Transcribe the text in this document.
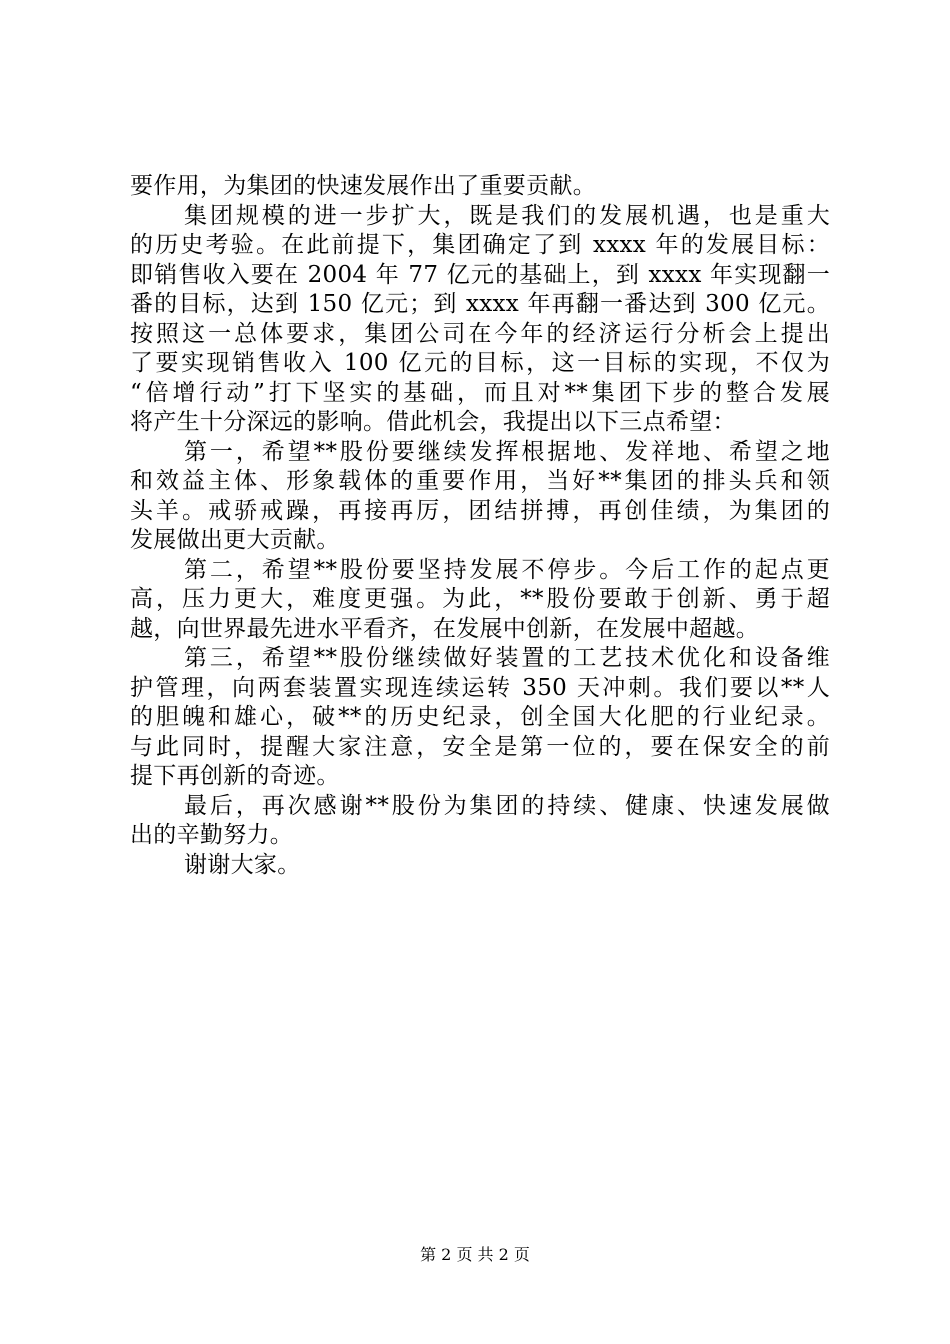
要作用，为集团的快速发展作出了重要贡献。
集团规模的进一步扩大，既是我们的发展机遇，也是重大
的历史考验。在此前提下，集团确定了到 xxxx 年的发展目标：
即销售收入要在 2004 年 77 亿元的基础上，到 xxxx 年实现翻一
番的目标，达到 150 亿元；到 xxxx 年再翻一番达到 300 亿元。
按照这一总体要求，集团公司在今年的经济运行分析会上提出
了要实现销售收入 100 亿元的目标，这一目标的实现，不仅为
“倍增行动”打下坚实的基础，而且对**集团下步的整合发展
将产生十分深远的影响。借此机会，我提出以下三点希望：
第一，希望**股份要继续发挥根据地、发祥地、希望之地
和效益主体、形象载体的重要作用，当好**集团的排头兵和领
头羊。戒骄戒躁，再接再厉，团结拼搏，再创佳绩，为集团的
发展做出更大贡献。
第二，希望**股份要坚持发展不停步。今后工作的起点更
高，压力更大，难度更强。为此，**股份要敢于创新、勇于超
越，向世界最先进水平看齐，在发展中创新，在发展中超越。
第三，希望**股份继续做好装置的工艺技术优化和设备维
护管理，向两套装置实现连续运转 350 天冲刺。我们要以**人
的胆魄和雄心，破**的历史纪录，创全国大化肥的行业纪录。
与此同时，提醒大家注意，安全是第一位的，要在保安全的前
提下再创新的奇迹。
最后，再次感谢**股份为集团的持续、健康、快速发展做
出的辛勤努力。
谢谢大家。
第 2 页 共 2 页
